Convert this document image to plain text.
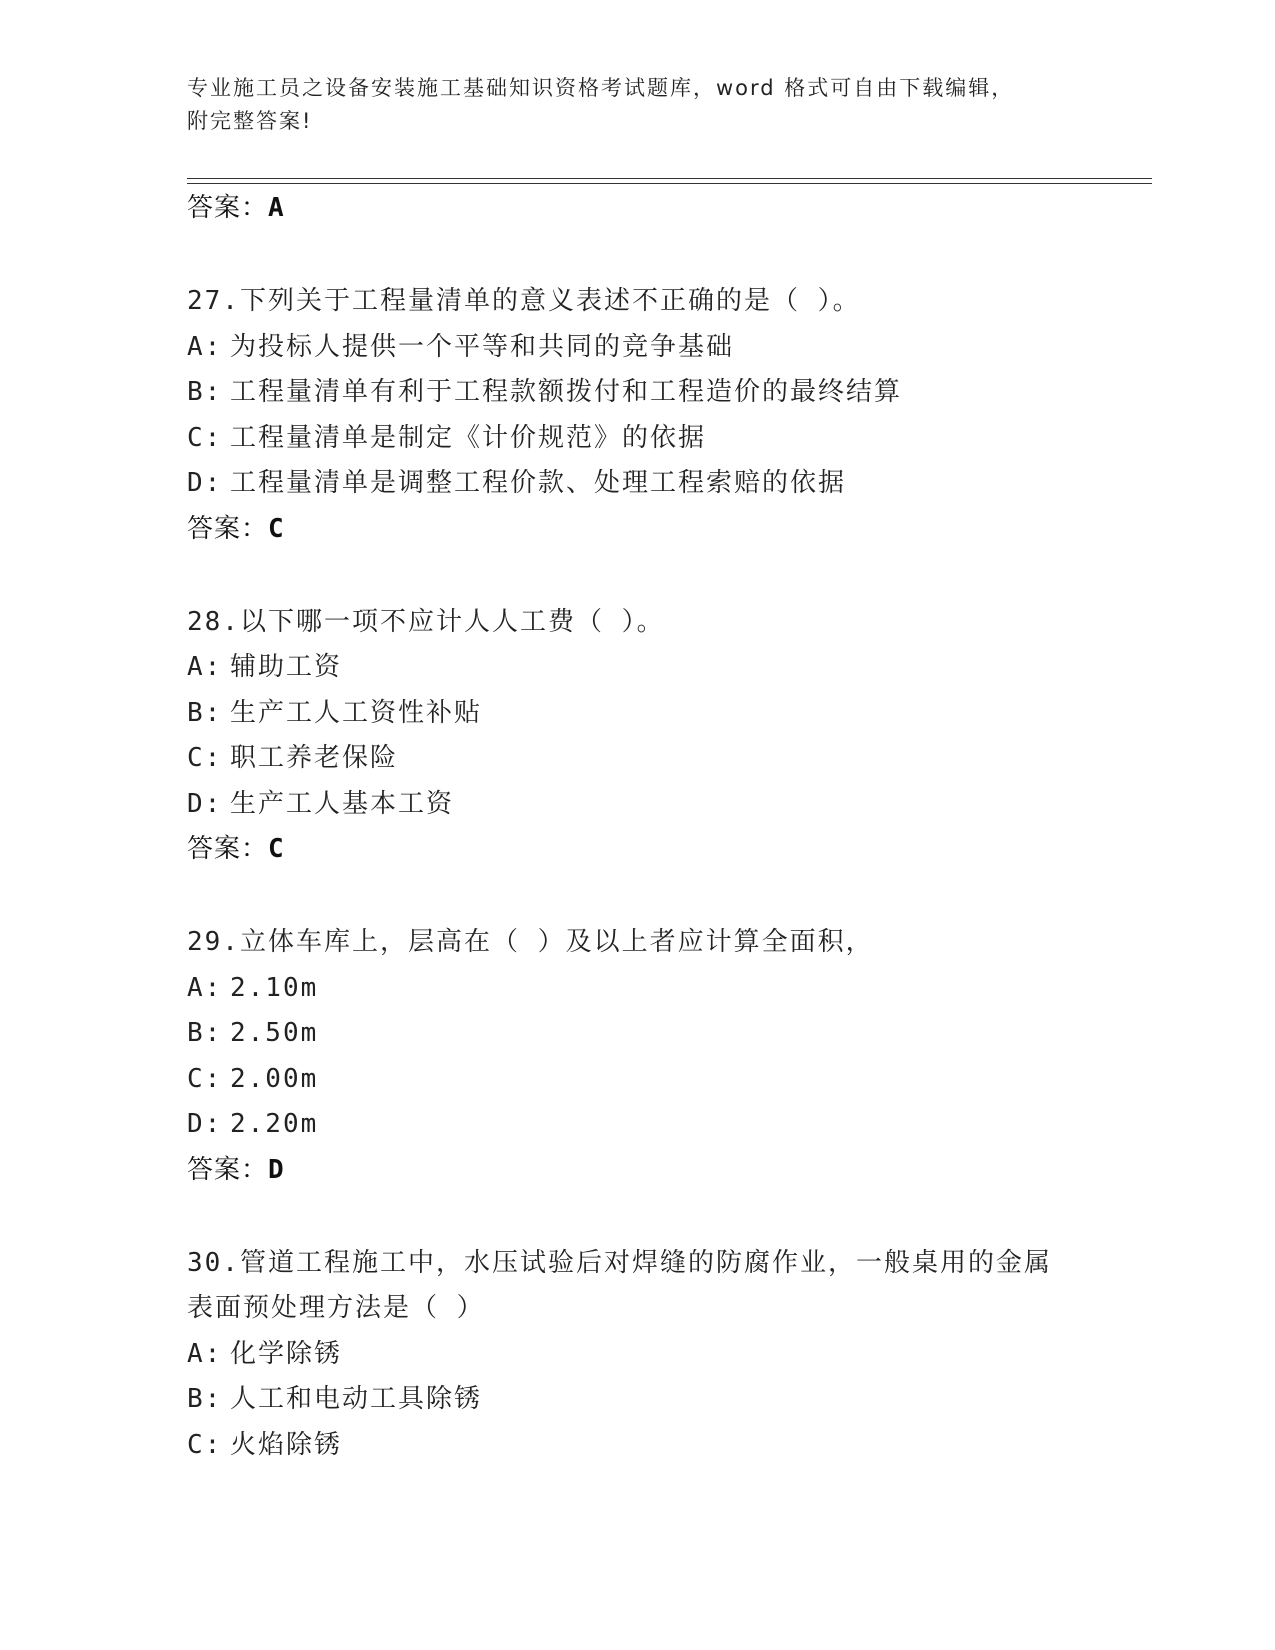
专业施工员之设备安装施工基础知识资格考试题库，word 格式可自由下载编辑，
附完整答案!
答案：A
27.下列关于工程量清单的意义表述不正确的是（ ）。
A: 为投标人提供一个平等和共同的竞争基础
B: 工程量清单有利于工程款额拨付和工程造价的最终结算
C: 工程量清单是制定《计价规范》的依据
D: 工程量清单是调整工程价款、处理工程索赔的依据
答案：C
28.以下哪一项不应计人人工费（ ）。
A: 辅助工资
B: 生产工人工资性补贴
C: 职工养老保险
D: 生产工人基本工资
答案：C
29.立体车库上，层高在（ ）及以上者应计算全面积，
A: 2.10m
B: 2.50m
C: 2.00m
D: 2.20m
答案：D
30.管道工程施工中，水压试验后对焊缝的防腐作业，一般桌用的金属
表面预处理方法是（ ）
A: 化学除锈
B: 人工和电动工具除锈
C: 火焰除锈
